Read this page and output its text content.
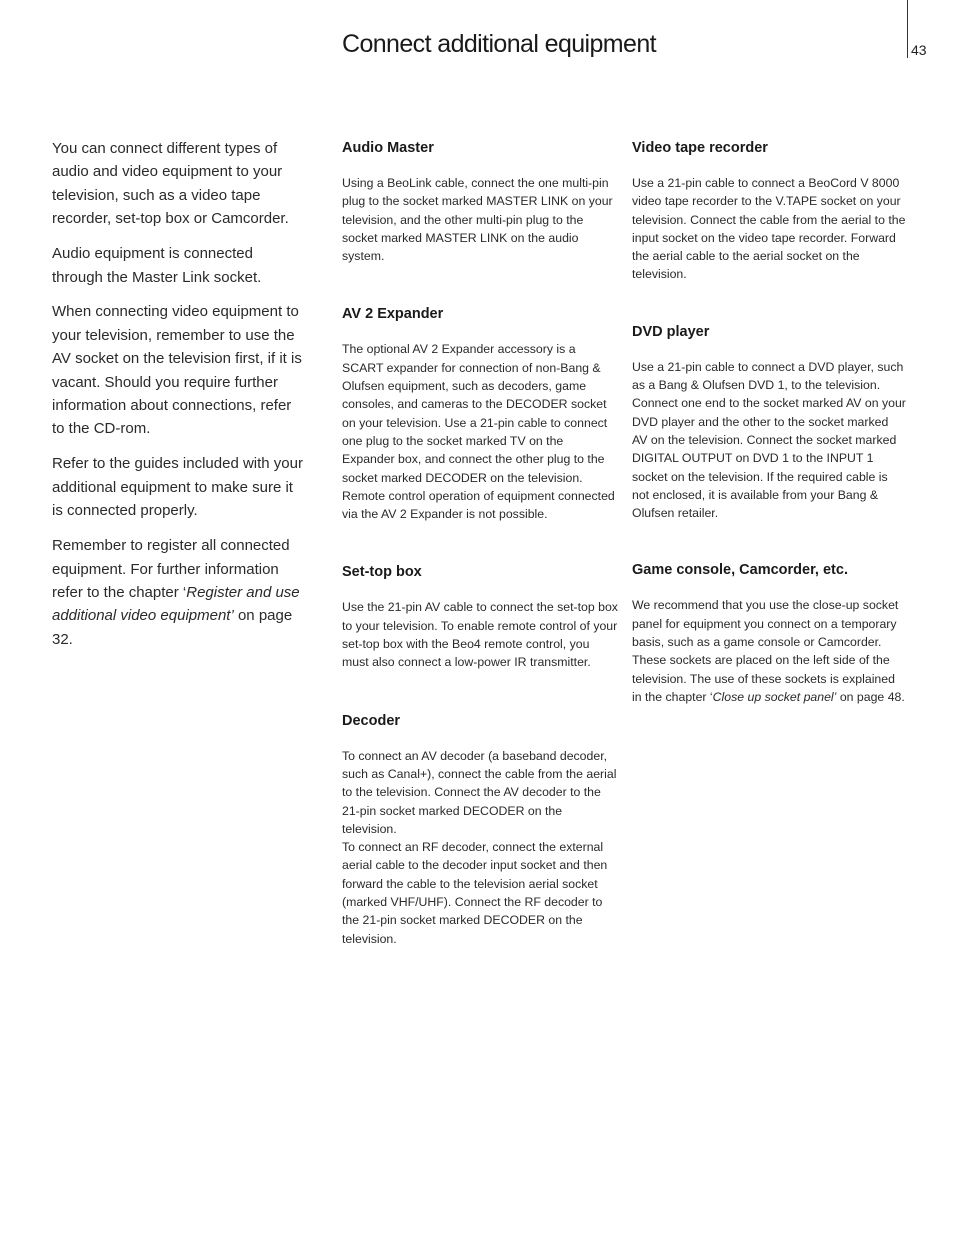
Connect additional equipment	43

You can connect different types of audio and video equipment to your television, such as a video tape recorder, set-top box or Camcorder.

Audio equipment is connected through the Master Link socket.

When connecting video equipment to your television, remember to use the AV socket on the television first, if it is vacant. Should you require further information about connections, refer to the CD-rom.

Refer to the guides included with your additional equipment to make sure it is connected properly.

Remember to register all connected equipment. For further information refer to the chapter ‘Register and use additional video equipment’ on page 32.

Audio Master

Using a BeoLink cable, connect the one multi-pin plug to the socket marked MASTER LINK on your television, and the other multi-pin plug to the socket marked MASTER LINK on the audio system.

AV 2 Expander

The optional AV 2 Expander accessory is a SCART expander for connection of non-Bang & Olufsen equipment, such as decoders, game consoles, and cameras to the DECODER socket on your television. Use a 21-pin cable to connect one plug to the socket marked TV on the Expander box, and connect the other plug to the socket marked DECODER on the television. Remote control operation of equipment connected via the AV 2 Expander is not possible.

Set-top box

Use the 21-pin AV cable to connect the set-top box to your television. To enable remote control of your set-top box with the Beo4 remote control, you must also connect a low-power IR transmitter.

Decoder

To connect an AV decoder (a baseband decoder, such as Canal+), connect the cable from the aerial to the television. Connect the AV decoder to the 21-pin socket marked DECODER on the television.

To connect an RF decoder, connect the external aerial cable to the decoder input socket and then forward the cable to the television aerial socket (marked VHF/UHF). Connect the RF decoder to the 21-pin socket marked DECODER on the television.

Video tape recorder

Use a 21-pin cable to connect a BeoCord V 8000 video tape recorder to the V.TAPE socket on your television. Connect the cable from the aerial to the input socket on the video tape recorder. Forward the aerial cable to the aerial socket on the television.

DVD player

Use a 21-pin cable to connect a DVD player, such as a Bang & Olufsen DVD 1, to the television. Connect one end to the socket marked AV on your DVD player and the other to the socket marked AV on the television. Connect the socket marked DIGITAL OUTPUT on DVD 1 to the INPUT 1 socket on the television. If the required cable is not enclosed, it is available from your Bang & Olufsen retailer.

Game console, Camcorder, etc.

We recommend that you use the close-up socket panel for equipment you connect on a temporary basis, such as a game console or Camcorder. These sockets are placed on the left side of the television. The use of these sockets is explained in the chapter ‘Close up socket panel’ on page 48.
